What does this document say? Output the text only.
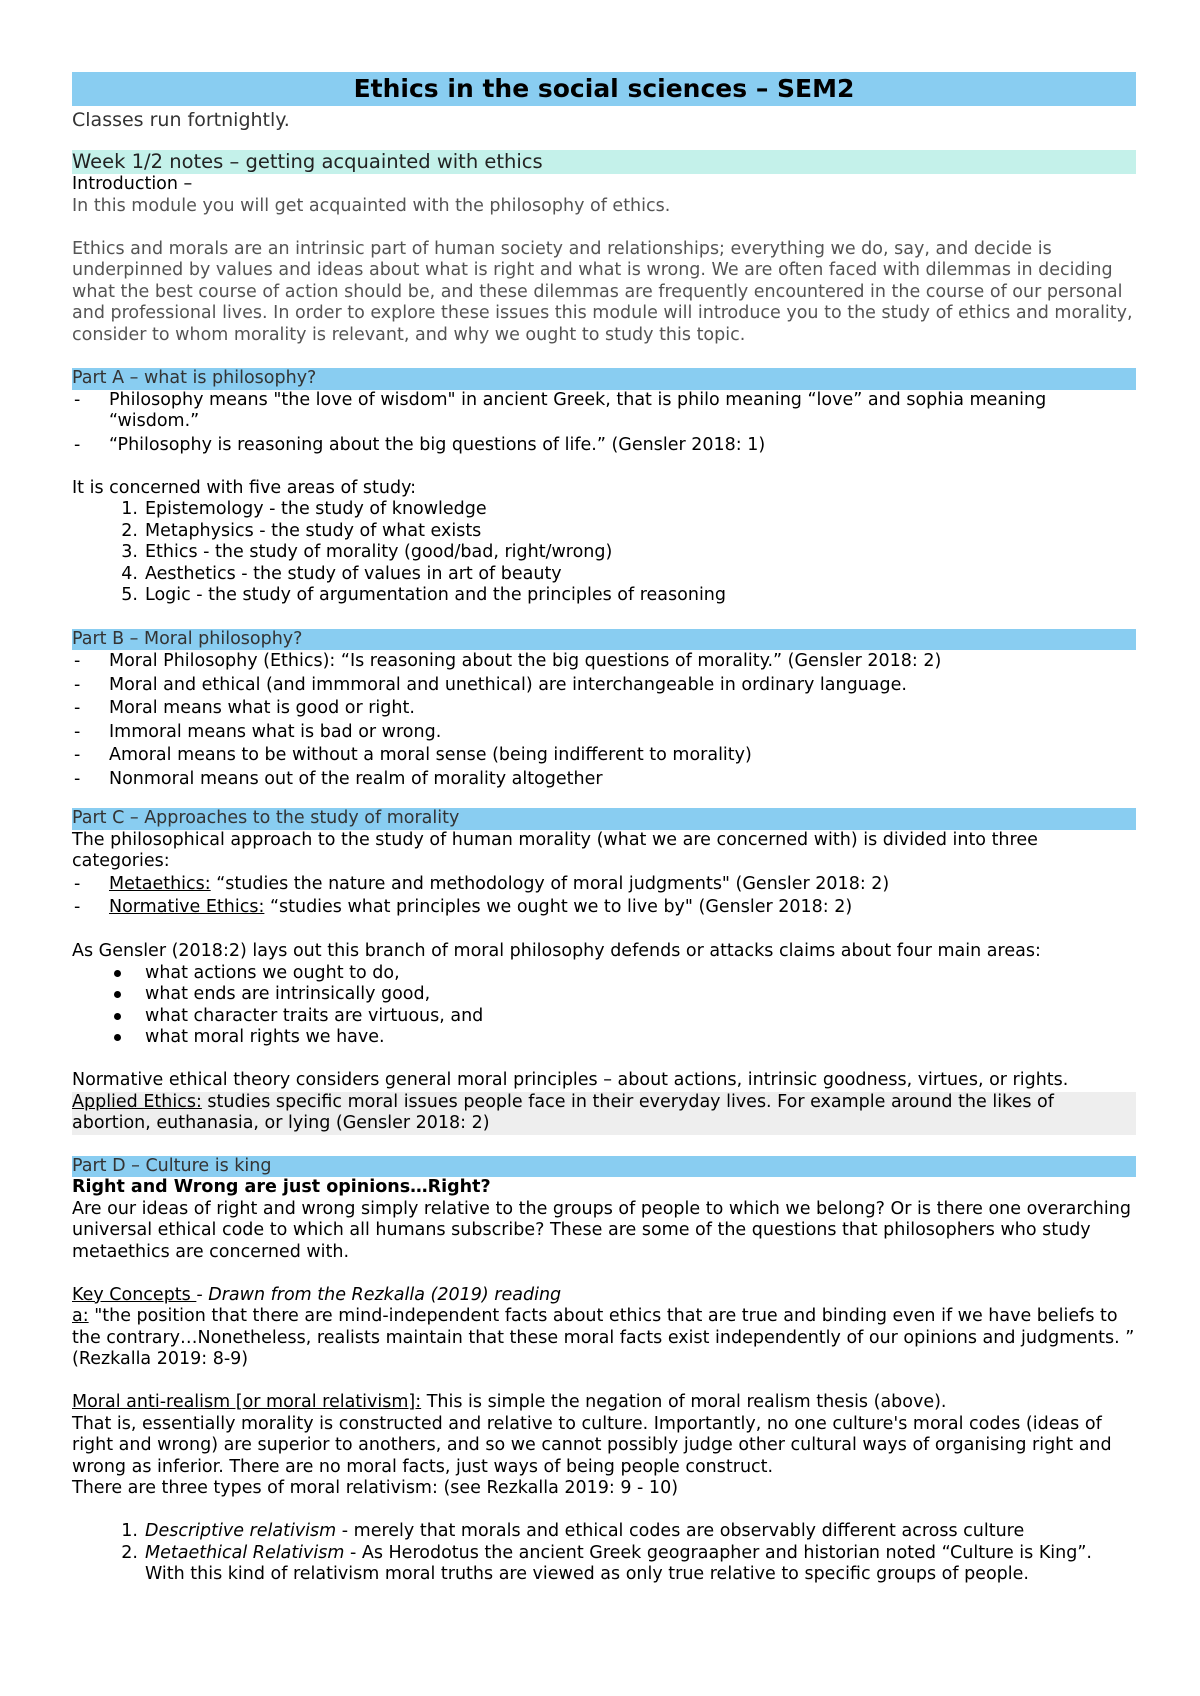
Ethics in the social sciences – SEM2

Classes run fortnightly.

Week 1/2 notes – getting acquainted with ethics

Introduction –

In this module you will get acquainted with the philosophy of ethics.

Ethics and morals are an intrinsic part of human society and relationships; everything we do, say, and decide is underpinned by values and ideas about what is right and what is wrong. We are often faced with dilemmas in deciding what the best course of action should be, and these dilemmas are frequently encountered in the course of our personal and professional lives. In order to explore these issues this module will introduce you to the study of ethics and morality, consider to whom morality is relevant, and why we ought to study this topic.

Part A – what is philosophy?
- Philosophy means "the love of wisdom" in ancient Greek, that is philo meaning “love” and sophia meaning “wisdom.”
- “Philosophy is reasoning about the big questions of life.” (Gensler 2018: 1)

It is concerned with five areas of study:

1. Epistemology - the study of knowledge
2. Metaphysics - the study of what exists
3. Ethics - the study of morality (good/bad, right/wrong)
4. Aesthetics - the study of values in art of beauty
5. Logic - the study of argumentation and the principles of reasoning
Part B – Moral philosophy?
- Moral Philosophy (Ethics): “Is reasoning about the big questions of morality.” (Gensler 2018: 2)
- Moral and ethical (and immmoral and unethical) are interchangeable in ordinary language.
- Moral means what is good or right.
- Immoral means what is bad or wrong.
- Amoral means to be without a moral sense (being indifferent to morality)
- Nonmoral means out of the realm of morality altogether
Part C – Approaches to the study of morality

The philosophical approach to the study of human morality (what we are concerned with) is divided into three categories:

- Metaethics: “studies the nature and methodology of moral judgments" (Gensler 2018: 2)
- Normative Ethics: “studies what principles we ought we to live by" (Gensler 2018: 2)

As Gensler (2018:2) lays out this branch of moral philosophy defends or attacks claims about four main areas:

what actions we ought to do,
what ends are intrinsically good,
what character traits are virtuous, and
what moral rights we have.

Normative ethical theory considers general moral principles – about actions, intrinsic goodness, virtues, or rights.

Applied Ethics: studies specific moral issues people face in their everyday lives. For example around the likes of abortion, euthanasia, or lying (Gensler 2018: 2)

Part D – Culture is king

Right and Wrong are just opinions…Right?

Are our ideas of right and wrong simply relative to the groups of people to which we belong? Or is there one overarching universal ethical code to which all humans subscribe? These are some of the questions that philosophers who study metaethics are concerned with.

Key Concepts - Drawn from the Rezkalla (2019) reading

a: "the position that there are mind-independent facts about ethics that are true and binding even if we have beliefs to the contrary…Nonetheless, realists maintain that these moral facts exist independently of our opinions and judgments. ” (Rezkalla 2019: 8-9)

Moral anti-realism [or moral relativism]: This is simple the negation of moral realism thesis (above).

That is, essentially morality is constructed and relative to culture. Importantly, no one culture's moral codes (ideas of right and wrong) are superior to anothers, and so we cannot possibly judge other cultural ways of organising right and wrong as inferior. There are no moral facts, just ways of being people construct.

There are three types of moral relativism: (see Rezkalla 2019: 9 - 10)

1. Descriptive relativism - merely that morals and ethical codes are observably different across culture
2. Metaethical Relativism - As Herodotus the ancient Greek geograapher and historian noted “Culture is King”. With this kind of relativism moral truths are viewed as only true relative to specific groups of people.
